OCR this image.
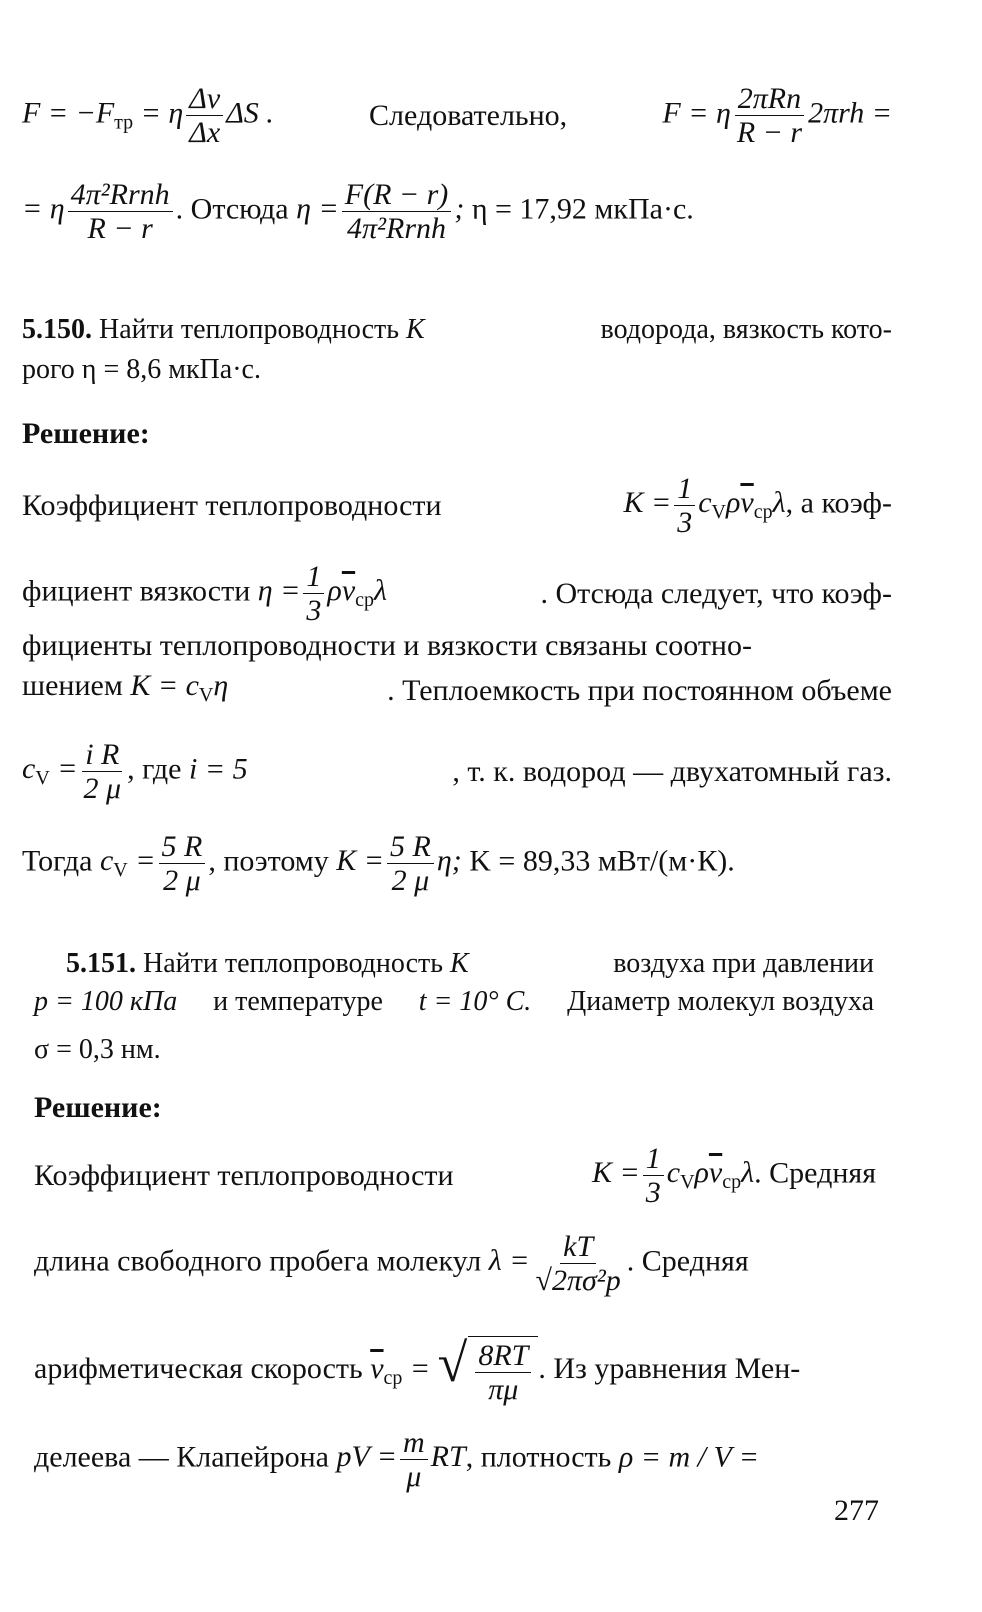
$F = -F_{тр} = \eta \frac{\Delta v}{\Delta x}$ ΔS .	Следовательно,	F = η $\frac{\text{2πRn}}{R - r} 2\pi rh$ =
= η $\frac{\text{4π²Rrnh}}{R - r}$ . Отсюда $\eta = \frac{F(R - r)}{\text{4π²Rrnh}}$ ; η = 17,92 мкПа·с.
5.150. Найти теплопроводность K	водорода, вязкость кото-
рого η = 8,6 мкПа·с.
Решение:
Коэффициент теплопроводности	$K = \frac{1}{3} c_V\rho\overline{v}_{ср}\lambda$, а коэф-
фициент вязкости $\eta = \frac{1}{3} \rho\overline{v}_{ср}\lambda$	. Отсюда следует, что коэф-
фициенты теплопроводности и вязкости связаны соотно-
шением $K = c_V\eta$	. Теплоемкость при постоянном объеме
$c_V = \frac{\text{i R}}{2 \mu}$ , где i = 5	, т. к. водород — двухатомный газ.
Тогда $c_V = \frac{5 R}{2 \mu}$ , поэтому $K = \frac{5 R}{2 \mu} \eta$; K = 89,33 мВт/(м·К).
5.151. Найти теплопроводность K	воздуха при давлении
p = 100 кПа и температуре t = 10° C. Диаметр молекул воздуха
σ = 0,3 нм.
Решение:
Коэффициент теплопроводности	$K = \frac{1}{3} c_V\rho\overline{v}_{ср}\lambda$. Средняя
длина свободного пробега молекул $\lambda = \frac{kT}{\text{√2πσ²p}}$ . Средняя
арифметическая скорость $\overline{v}_{ср}$ = √ $\frac{8RT}{\pi\mu}$ . Из уравнения Мен-
делеева — Клапейрона pV = $\frac{m}{\mu}$ RT, плотность ρ = m / V =
277
